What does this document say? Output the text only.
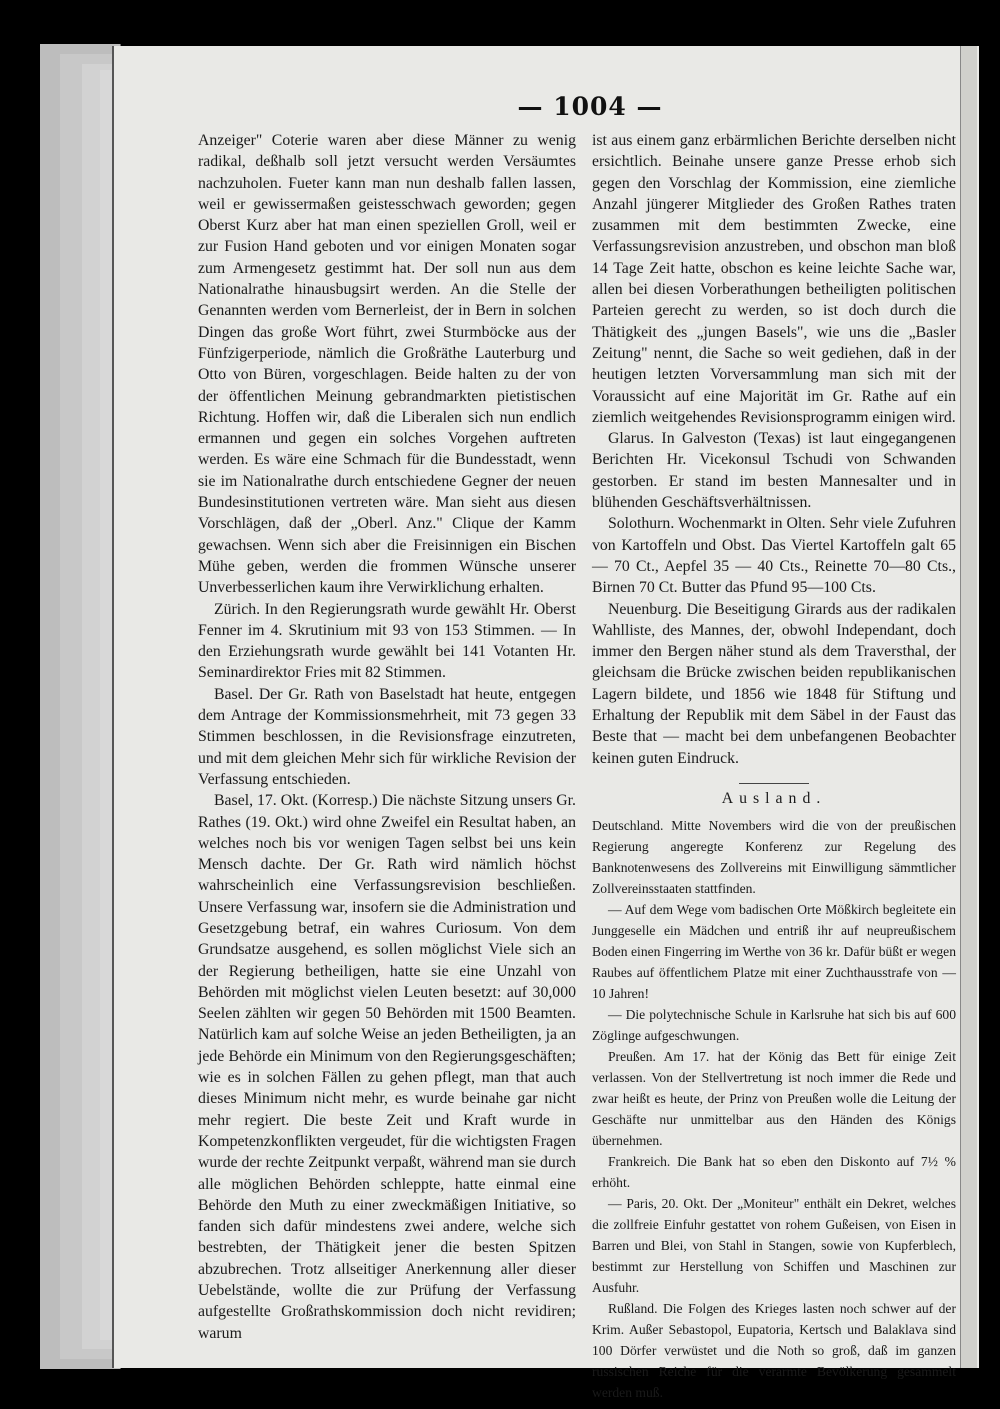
— 1004 —

Anzeiger" Coterie waren aber diese Männer zu wenig radikal, deßhalb soll jetzt versucht werden Versäumtes nachzuholen. Fueter kann man nun deshalb fallen lassen, weil er gewissermaßen geistesschwach geworden; gegen Oberst Kurz aber hat man einen speziellen Groll, weil er zur Fusion Hand geboten und vor einigen Monaten sogar zum Armengesetz gestimmt hat. Der soll nun aus dem Nationalrathe hinausbugsirt werden. An die Stelle der Genannten werden vom Bernerleist, der in Bern in solchen Dingen das große Wort führt, zwei Sturmböcke aus der Fünfzigerperiode, nämlich die Großräthe Lauterburg und Otto von Büren, vorgeschlagen. Beide halten zu der von der öffentlichen Meinung gebrandmarkten pietistischen Richtung. Hoffen wir, daß die Liberalen sich nun endlich ermannen und gegen ein solches Vorgehen auftreten werden. Es wäre eine Schmach für die Bundesstadt, wenn sie im Nationalrathe durch entschiedene Gegner der neuen Bundesinstitutionen vertreten wäre. Man sieht aus diesen Vorschlägen, daß der „Oberl. Anz." Clique der Kamm gewachsen. Wenn sich aber die Freisinnigen ein Bischen Mühe geben, werden die frommen Wünsche unserer Unverbesserlichen kaum ihre Verwirklichung erhalten.

Zürich. In den Regierungsrath wurde gewählt Hr. Oberst Fenner im 4. Skrutinium mit 93 von 153 Stimmen. — In den Erziehungsrath wurde gewählt bei 141 Votanten Hr. Seminardirektor Fries mit 82 Stimmen.

Basel. Der Gr. Rath von Baselstadt hat heute, entgegen dem Antrage der Kommissionsmehrheit, mit 73 gegen 33 Stimmen beschlossen, in die Revisionsfrage einzutreten, und mit dem gleichen Mehr sich für wirkliche Revision der Verfassung entschieden.

Basel, 17. Okt. (Korresp.) Die nächste Sitzung unsers Gr. Rathes (19. Okt.) wird ohne Zweifel ein Resultat haben, an welches noch bis vor wenigen Tagen selbst bei uns kein Mensch dachte. Der Gr. Rath wird nämlich höchst wahrscheinlich eine Verfassungsrevision beschließen. Unsere Verfassung war, insofern sie die Administration und Gesetzgebung betraf, ein wahres Curiosum. Von dem Grundsatze ausgehend, es sollen möglichst Viele sich an der Regierung betheiligen, hatte sie eine Unzahl von Behörden mit möglichst vielen Leuten besetzt: auf 30,000 Seelen zählten wir gegen 50 Behörden mit 1500 Beamten. Natürlich kam auf solche Weise an jeden Betheiligten, ja an jede Behörde ein Minimum von den Regierungsgeschäften; wie es in solchen Fällen zu gehen pflegt, man that auch dieses Minimum nicht mehr, es wurde beinahe gar nicht mehr regiert. Die beste Zeit und Kraft wurde in Kompetenzkonflikten vergeudet, für die wichtigsten Fragen wurde der rechte Zeitpunkt verpaßt, während man sie durch alle möglichen Behörden schleppte, hatte einmal eine Behörde den Muth zu einer zweckmäßigen Initiative, so fanden sich dafür mindestens zwei andere, welche sich bestrebten, der Thätigkeit jener die besten Spitzen abzubrechen. Trotz allseitiger Anerkennung aller dieser Uebelstände, wollte die zur Prüfung der Verfassung aufgestellte Großrathskommission doch nicht revidiren; warum

ist aus einem ganz erbärmlichen Berichte derselben nicht ersichtlich. Beinahe unsere ganze Presse erhob sich gegen den Vorschlag der Kommission, eine ziemliche Anzahl jüngerer Mitglieder des Großen Rathes traten zusammen mit dem bestimmten Zwecke, eine Verfassungsrevision anzustreben, und obschon man bloß 14 Tage Zeit hatte, obschon es keine leichte Sache war, allen bei diesen Vorberathungen betheiligten politischen Parteien gerecht zu werden, so ist doch durch die Thätigkeit des „jungen Basels", wie uns die „Basler Zeitung" nennt, die Sache so weit gediehen, daß in der heutigen letzten Vorversammlung man sich mit der Voraussicht auf eine Majorität im Gr. Rathe auf ein ziemlich weitgehendes Revisionsprogramm einigen wird.

Glarus. In Galveston (Texas) ist laut eingegangenen Berichten Hr. Vicekonsul Tschudi von Schwanden gestorben. Er stand im besten Mannesalter und in blühenden Geschäftsverhältnissen.

Solothurn. Wochenmarkt in Olten. Sehr viele Zufuhren von Kartoffeln und Obst. Das Viertel Kartoffeln galt 65 — 70 Ct., Aepfel 35 — 40 Cts., Reinette 70—80 Cts., Birnen 70 Ct. Butter das Pfund 95—100 Cts.

Neuenburg. Die Beseitigung Girards aus der radikalen Wahlliste, des Mannes, der, obwohl Independant, doch immer den Bergen näher stund als dem Traversthal, der gleichsam die Brücke zwischen beiden republikanischen Lagern bildete, und 1856 wie 1848 für Stiftung und Erhaltung der Republik mit dem Säbel in der Faust das Beste that — macht bei dem unbefangenen Beobachter keinen guten Eindruck.

Ausland.

Deutschland. Mitte Novembers wird die von der preußischen Regierung angeregte Konferenz zur Regelung des Banknotenwesens des Zollvereins mit Einwilligung sämmtlicher Zollvereinsstaaten stattfinden.

— Auf dem Wege vom badischen Orte Mößkirch begleitete ein Junggeselle ein Mädchen und entriß ihr auf neupreußischem Boden einen Fingerring im Werthe von 36 kr. Dafür büßt er wegen Raubes auf öffentlichem Platze mit einer Zuchthausstrafe von — 10 Jahren!

— Die polytechnische Schule in Karlsruhe hat sich bis auf 600 Zöglinge aufgeschwungen.

Preußen. Am 17. hat der König das Bett für einige Zeit verlassen. Von der Stellvertretung ist noch immer die Rede und zwar heißt es heute, der Prinz von Preußen wolle die Leitung der Geschäfte nur unmittelbar aus den Händen des Königs übernehmen.

Frankreich. Die Bank hat so eben den Diskonto auf 7½ % erhöht.

— Paris, 20. Okt. Der „Moniteur" enthält ein Dekret, welches die zollfreie Einfuhr gestattet von rohem Gußeisen, von Eisen in Barren und Blei, von Stahl in Stangen, sowie von Kupferblech, bestimmt zur Herstellung von Schiffen und Maschinen zur Ausfuhr.

Rußland. Die Folgen des Krieges lasten noch schwer auf der Krim. Außer Sebastopol, Eupatoria, Kertsch und Balaklava sind 100 Dörfer verwüstet und die Noth so groß, daß im ganzen russischen Reiche für die verarmte Bevölkerung gesammelt werden muß.
